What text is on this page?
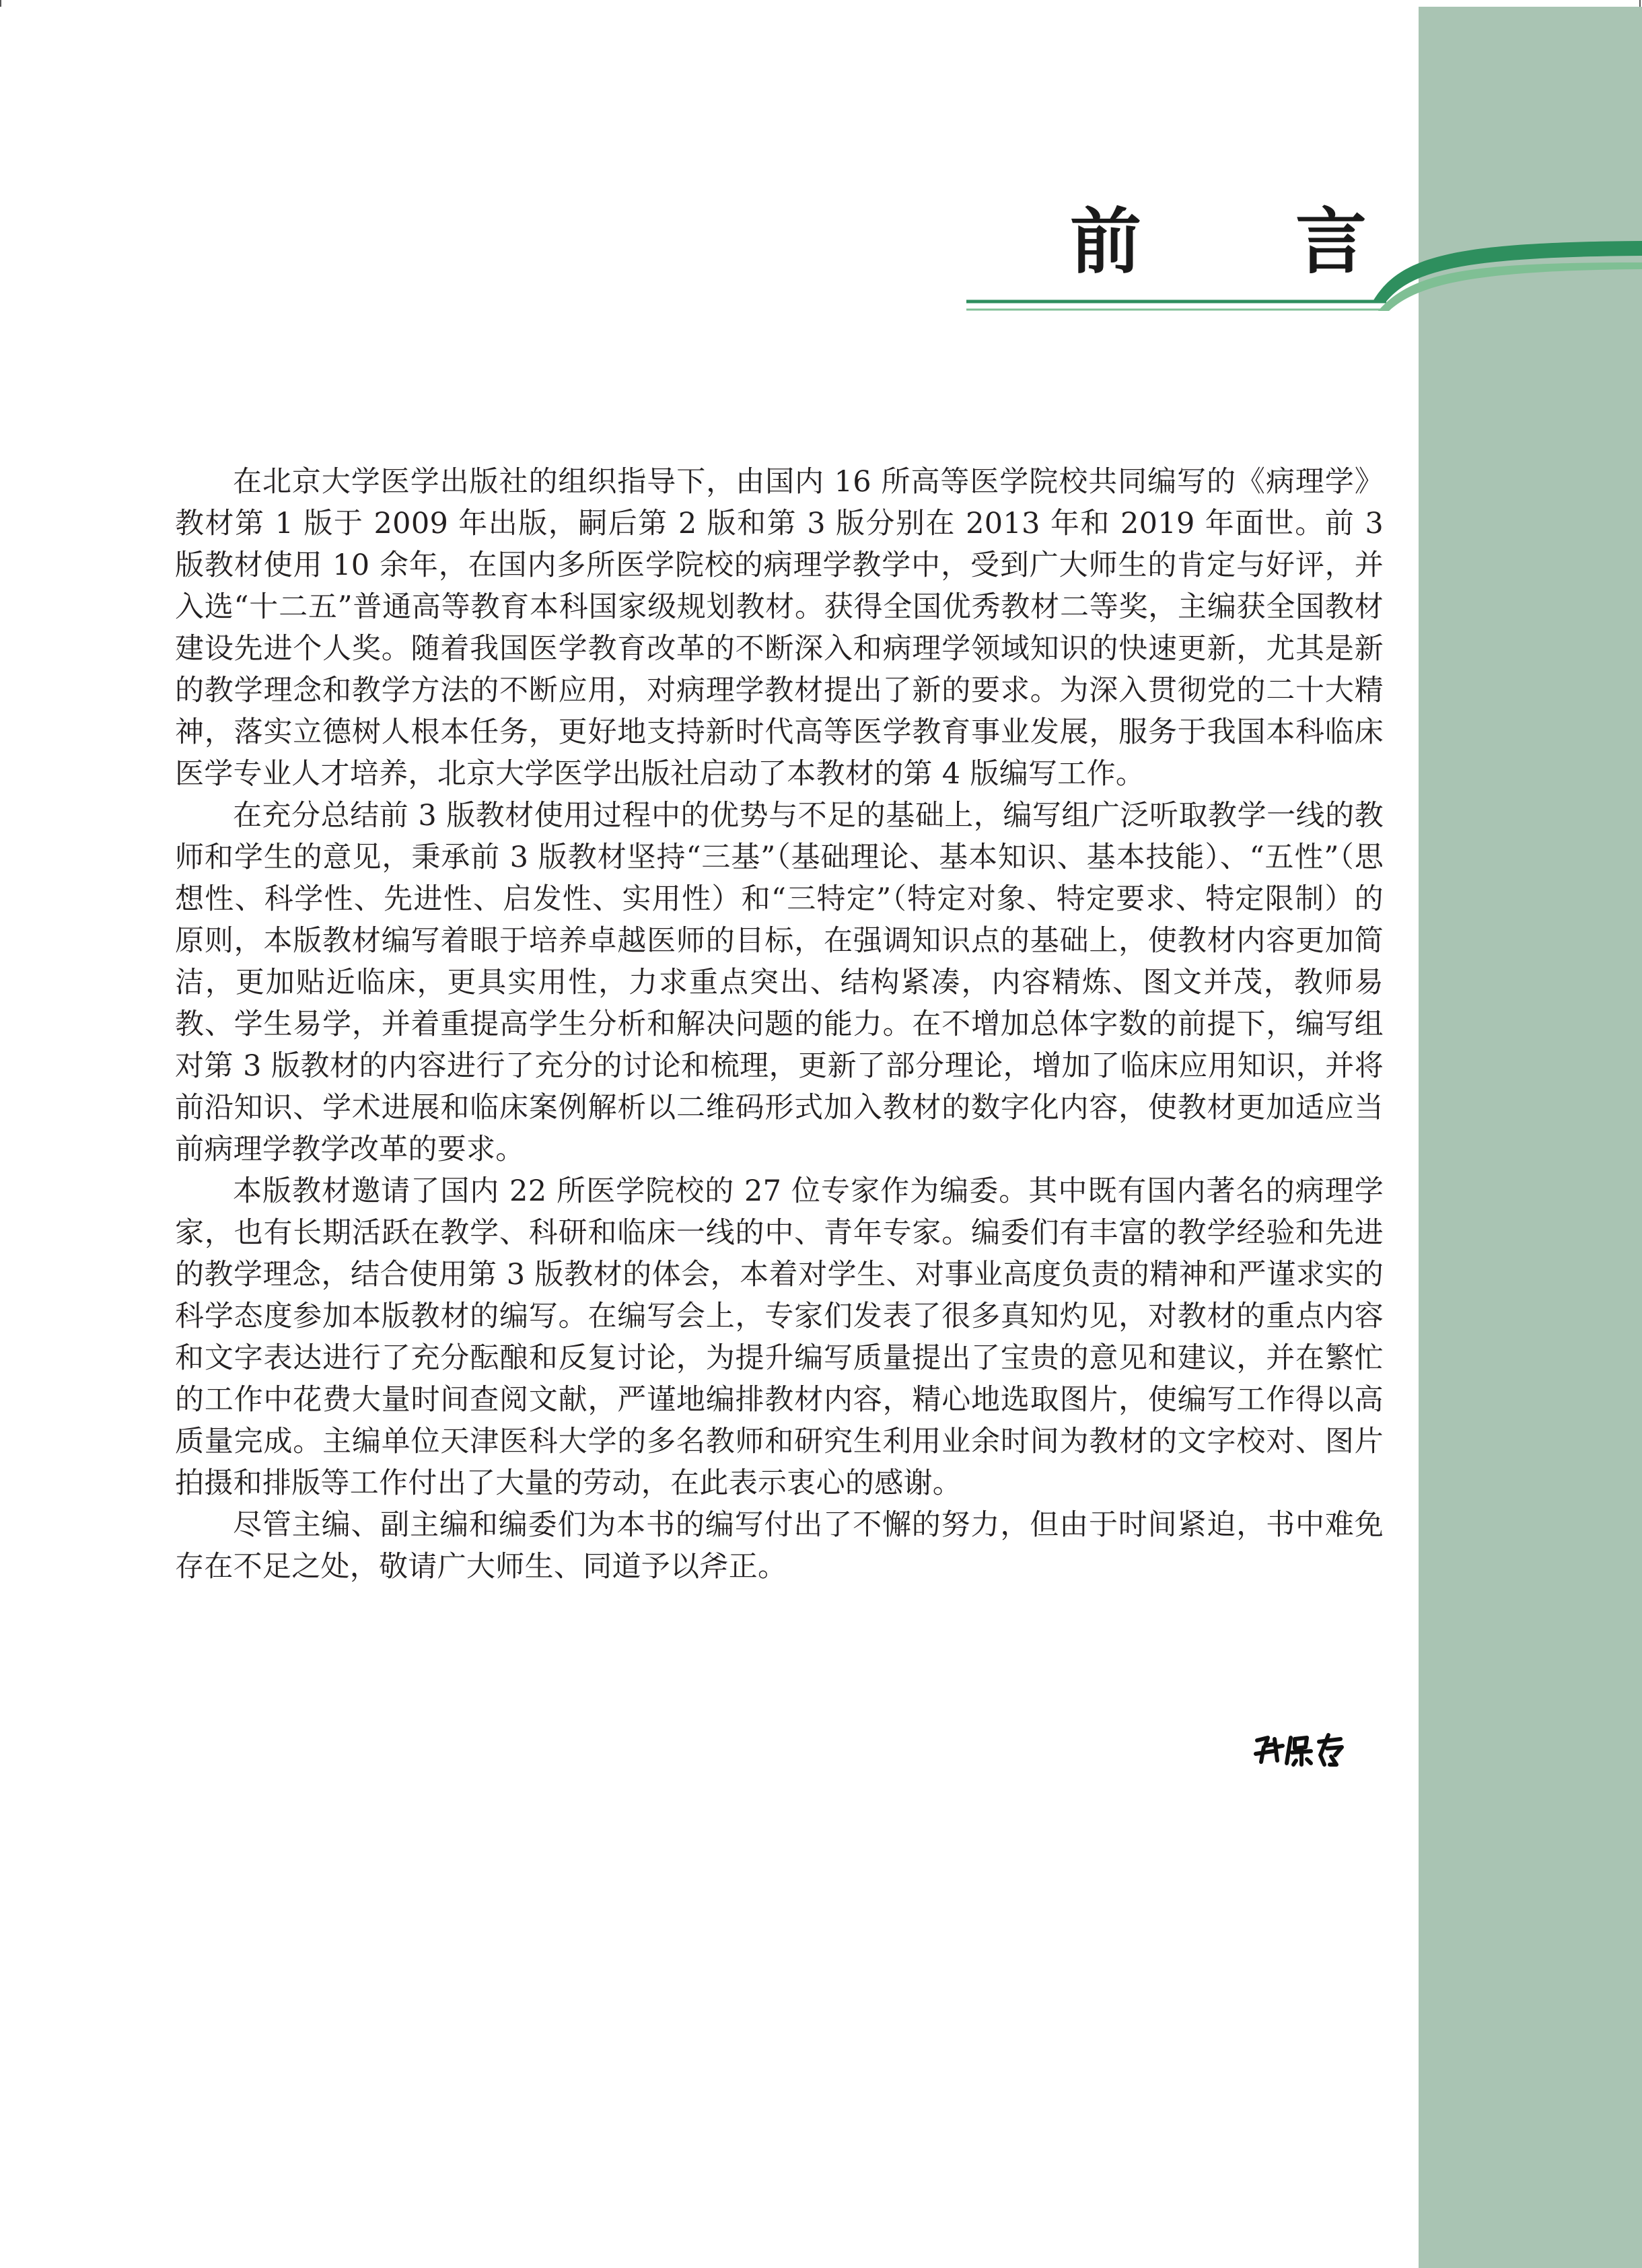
前 言

在北京大学医学出版社的组织指导下，由国内 16 所高等医学院校共同编写的《病理学》教材第 1 版于 2009 年出版，嗣后第 2 版和第 3 版分别在 2013 年和 2019 年面世。前 3 版教材使用 10 余年，在国内多所医学院校的病理学教学中，受到广大师生的肯定与好评，并入选“十二五”普通高等教育本科国家级规划教材。获得全国优秀教材二等奖，主编获全国教材建设先进个人奖。随着我国医学教育改革的不断深入和病理学领域知识的快速更新，尤其是新的教学理念和教学方法的不断应用，对病理学教材提出了新的要求。为深入贯彻党的二十大精神，落实立德树人根本任务，更好地支持新时代高等医学教育事业发展，服务于我国本科临床医学专业人才培养，北京大学医学出版社启动了本教材的第 4 版编写工作。

在充分总结前 3 版教材使用过程中的优势与不足的基础上，编写组广泛听取教学一线的教师和学生的意见，秉承前 3 版教材坚持“三基”（基础理论、基本知识、基本技能）、“五性”（思想性、科学性、先进性、启发性、实用性）和“三特定”（特定对象、特定要求、特定限制）的原则，本版教材编写着眼于培养卓越医师的目标，在强调知识点的基础上，使教材内容更加简洁，更加贴近临床，更具实用性，力求重点突出、结构紧凑，内容精炼、图文并茂，教师易教、学生易学，并着重提高学生分析和解决问题的能力。在不增加总体字数的前提下，编写组对第 3 版教材的内容进行了充分的讨论和梳理，更新了部分理论，增加了临床应用知识，并将前沿知识、学术进展和临床案例解析以二维码形式加入教材的数字化内容，使教材更加适应当前病理学教学改革的要求。

本版教材邀请了国内 22 所医学院校的 27 位专家作为编委。其中既有国内著名的病理学家，也有长期活跃在教学、科研和临床一线的中、青年专家。编委们有丰富的教学经验和先进的教学理念，结合使用第 3 版教材的体会，本着对学生、对事业高度负责的精神和严谨求实的科学态度参加本版教材的编写。在编写会上，专家们发表了很多真知灼见，对教材的重点内容和文字表达进行了充分酝酿和反复讨论，为提升编写质量提出了宝贵的意见和建议，并在繁忙的工作中花费大量时间查阅文献，严谨地编排教材内容，精心地选取图片，使编写工作得以高质量完成。主编单位天津医科大学的多名教师和研究生利用业余时间为教材的文字校对、图片拍摄和排版等工作付出了大量的劳动，在此表示衷心的感谢。

尽管主编、副主编和编委们为本书的编写付出了不懈的努力，但由于时间紧迫，书中难免存在不足之处，敬请广大师生、同道予以斧正。
